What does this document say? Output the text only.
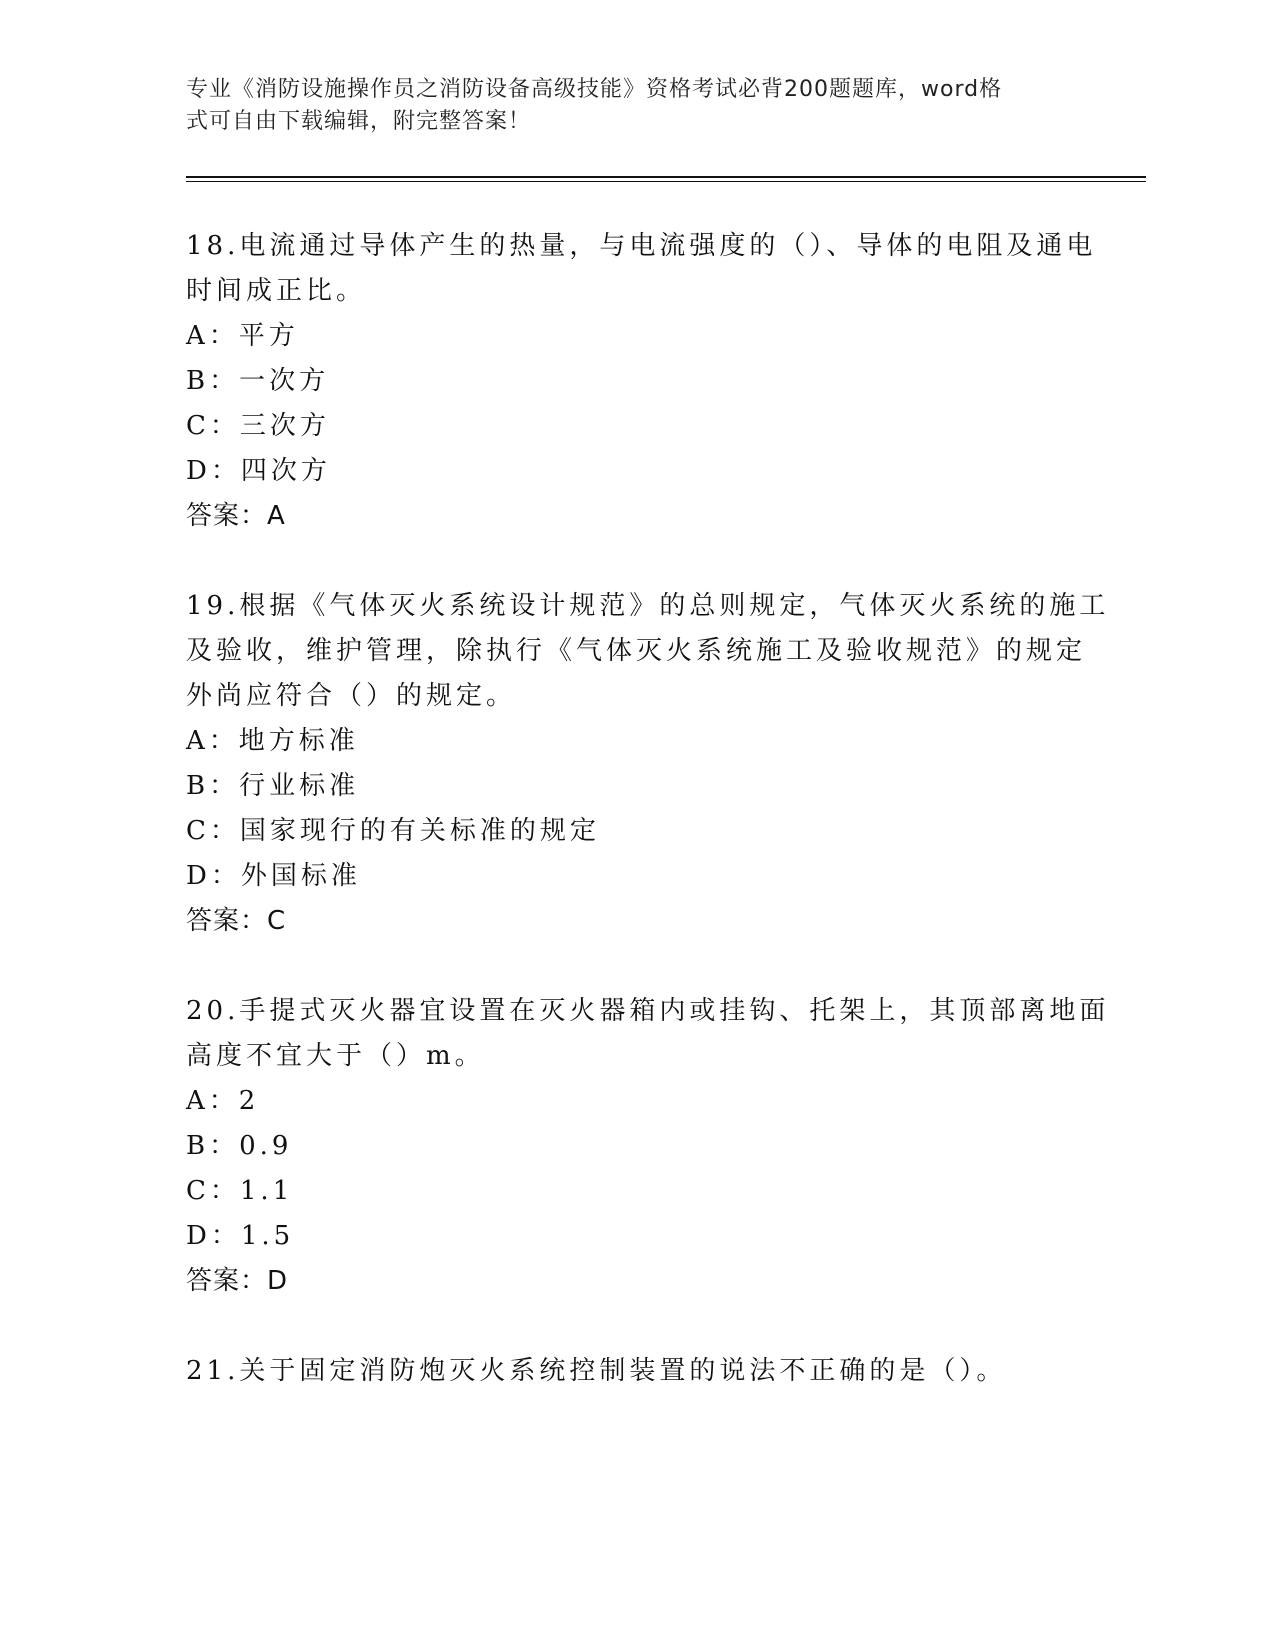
专业《消防设施操作员之消防设备高级技能》资格考试必背200题题库，word格
式可自由下载编辑，附完整答案！
18.电流通过导体产生的热量，与电流强度的（）、导体的电阻及通电
时间成正比。
A：平方
B：一次方
C：三次方
D：四次方
答案：A
19.根据《气体灭火系统设计规范》的总则规定，气体灭火系统的施工
及验收，维护管理，除执行《气体灭火系统施工及验收规范》的规定
外尚应符合（）的规定。
A：地方标准
B：行业标准
C：国家现行的有关标准的规定
D：外国标准
答案：C
20.手提式灭火器宜设置在灭火器箱内或挂钩、托架上，其顶部离地面
高度不宜大于（）m。
A：2
B：0.9
C：1.1
D：1.5
答案：D
21.关于固定消防炮灭火系统控制装置的说法不正确的是（）。
